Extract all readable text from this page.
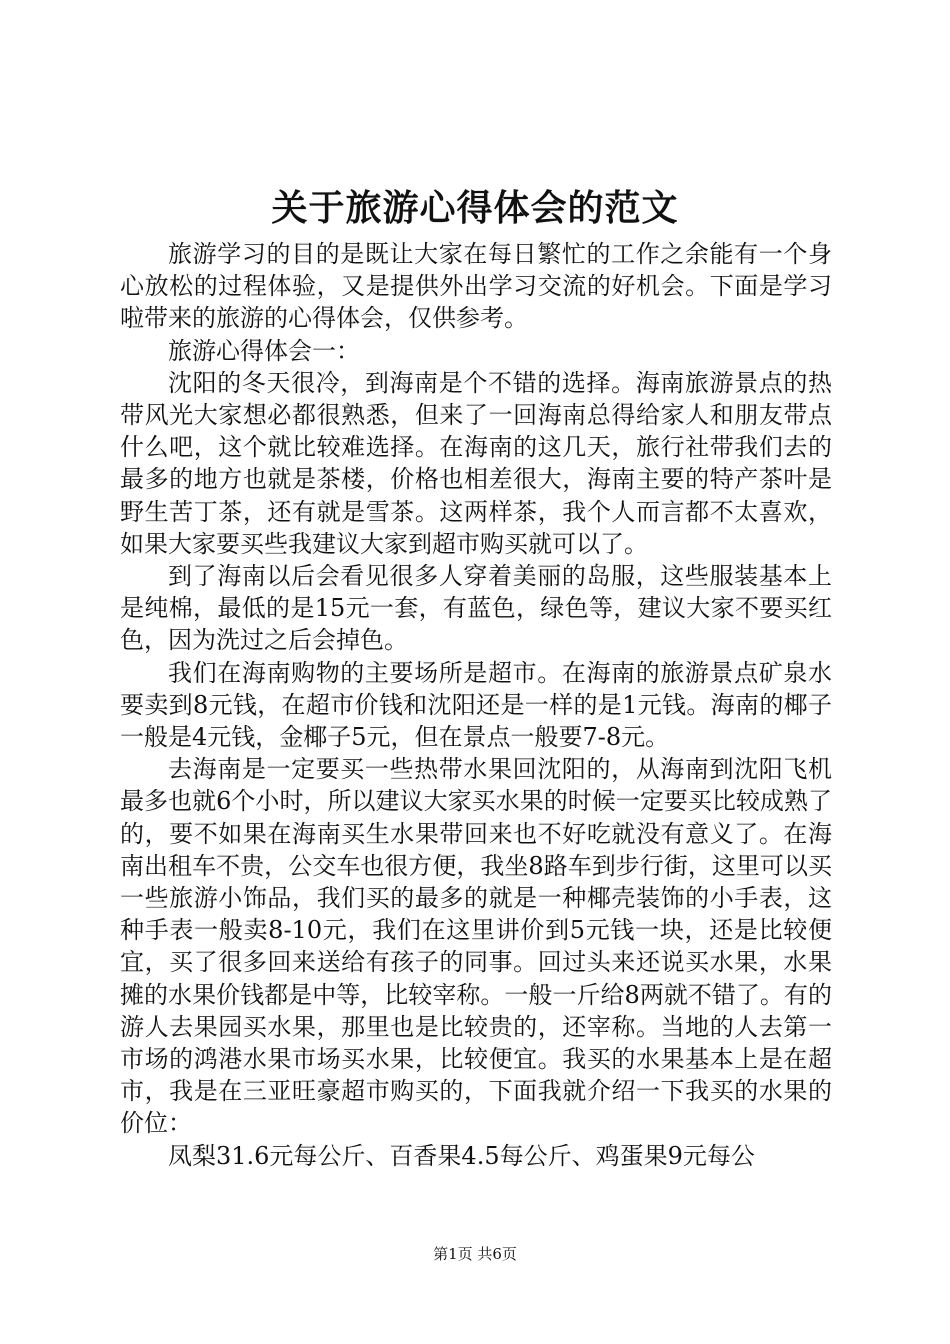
关于旅游心得体会的范文

旅游学习的目的是既让大家在每日繁忙的工作之余能有一个身心放松的过程体验，又是提供外出学习交流的好机会。下面是学习啦带来的旅游的心得体会，仅供参考。

旅游心得体会一：

沈阳的冬天很冷，到海南是个不错的选择。海南旅游景点的热带风光大家想必都很熟悉，但来了一回海南总得给家人和朋友带点什么吧，这个就比较难选择。在海南的这几天，旅行社带我们去的最多的地方也就是茶楼，价格也相差很大，海南主要的特产茶叶是野生苦丁茶，还有就是雪茶。这两样茶，我个人而言都不太喜欢，如果大家要买些我建议大家到超市购买就可以了。

到了海南以后会看见很多人穿着美丽的岛服，这些服装基本上是纯棉，最低的是15元一套，有蓝色，绿色等，建议大家不要买红色，因为洗过之后会掉色。

我们在海南购物的主要场所是超市。在海南的旅游景点矿泉水要卖到8元钱，在超市价钱和沈阳还是一样的是1元钱。海南的椰子一般是4元钱，金椰子5元，但在景点一般要7-8元。

去海南是一定要买一些热带水果回沈阳的，从海南到沈阳飞机最多也就6个小时，所以建议大家买水果的时候一定要买比较成熟了的，要不如果在海南买生水果带回来也不好吃就没有意义了。在海南出租车不贵，公交车也很方便，我坐8路车到步行街，这里可以买一些旅游小饰品，我们买的最多的就是一种椰壳装饰的小手表，这种手表一般卖8-10元，我们在这里讲价到5元钱一块，还是比较便宜，买了很多回来送给有孩子的同事。回过头来还说买水果，水果摊的水果价钱都是中等，比较宰称。一般一斤给8两就不错了。有的游人去果园买水果，那里也是比较贵的，还宰称。当地的人去第一市场的鸿港水果市场买水果，比较便宜。我买的水果基本上是在超市，我是在三亚旺豪超市购买的，下面我就介绍一下我买的水果的价位：

凤梨31.6元每公斤、百香果4.5每公斤、鸡蛋果9元每公

第1页 共6页
